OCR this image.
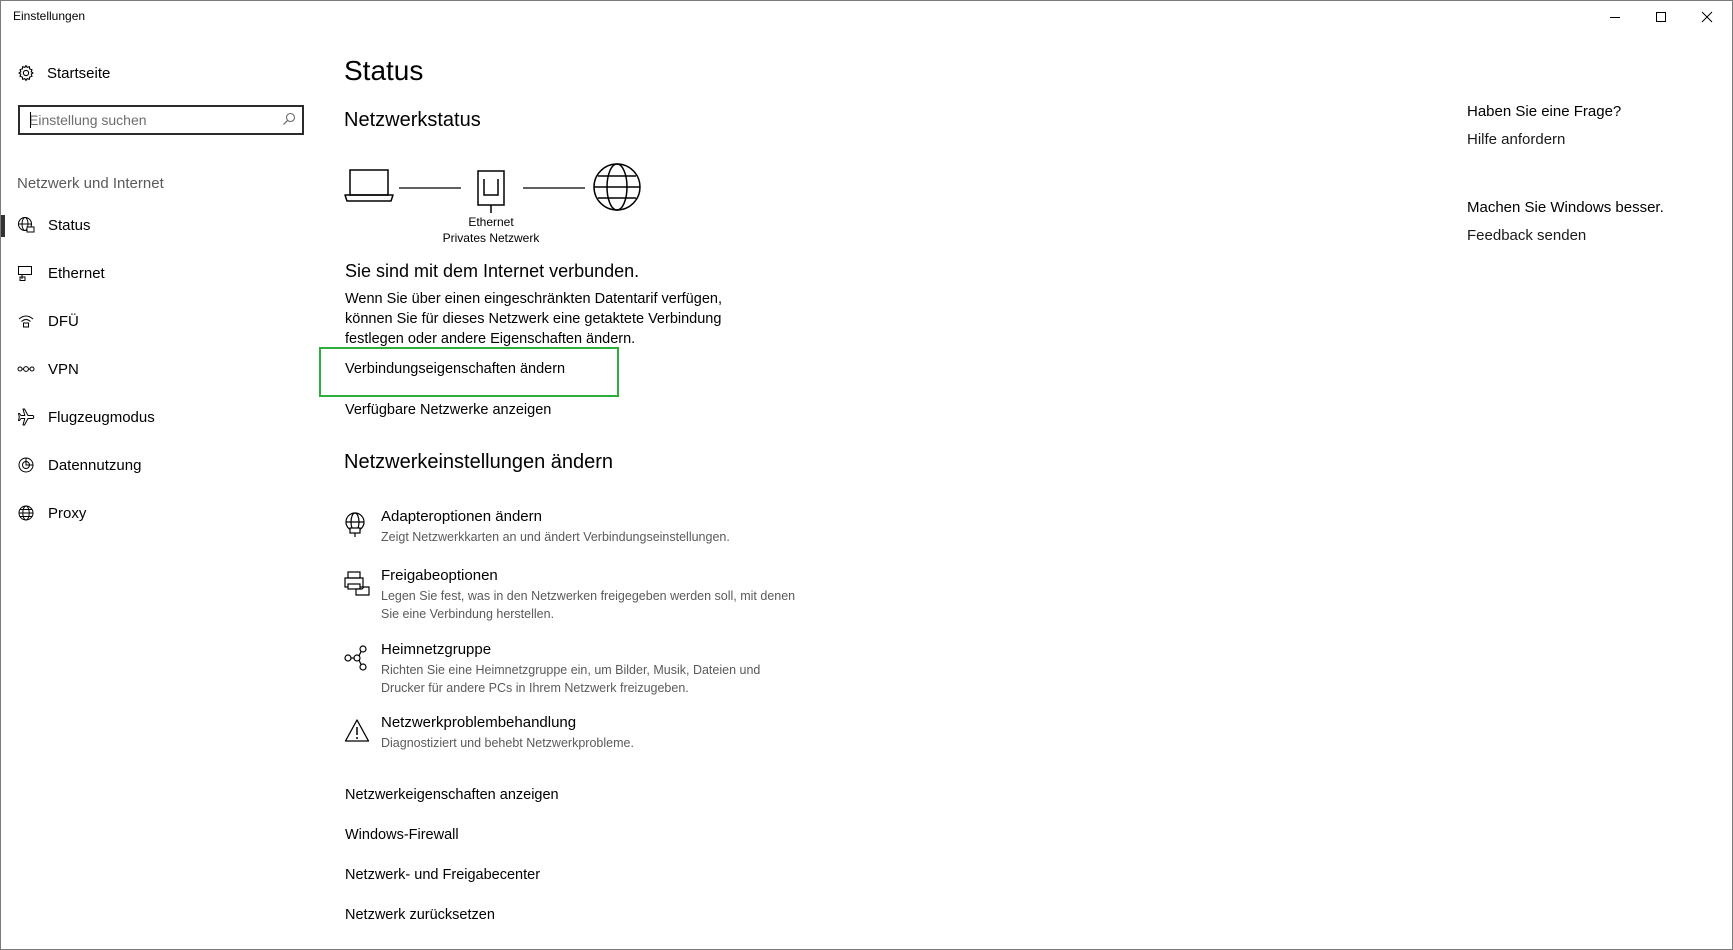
Einstellungen
Startseite
Einstellung suchen
Netzwerk und Internet
Status
Ethernet
DFÜ
VPN
Flugzeugmodus
Datennutzung
Proxy
Status
Netzwerkstatus
Ethernet
Privates Netzwerk
Sie sind mit dem Internet verbunden.
Wenn Sie über einen eingeschränkten Datentarif verfügen, können Sie für dieses Netzwerk eine getaktete Verbindung festlegen oder andere Eigenschaften ändern.
Verbindungseigenschaften ändern
Verfügbare Netzwerke anzeigen
Netzwerkeinstellungen ändern
Adapteroptionen ändern
Zeigt Netzwerkkarten an und ändert Verbindungseinstellungen.
Freigabeoptionen
Legen Sie fest, was in den Netzwerken freigegeben werden soll, mit denen Sie eine Verbindung herstellen.
Heimnetzgruppe
Richten Sie eine Heimnetzgruppe ein, um Bilder, Musik, Dateien und Drucker für andere PCs in Ihrem Netzwerk freizugeben.
Netzwerkproblembehandlung
Diagnostiziert und behebt Netzwerkprobleme.
Netzwerkeigenschaften anzeigen
Windows-Firewall
Netzwerk- und Freigabecenter
Netzwerk zurücksetzen
Haben Sie eine Frage?
Hilfe anfordern
Machen Sie Windows besser.
Feedback senden
